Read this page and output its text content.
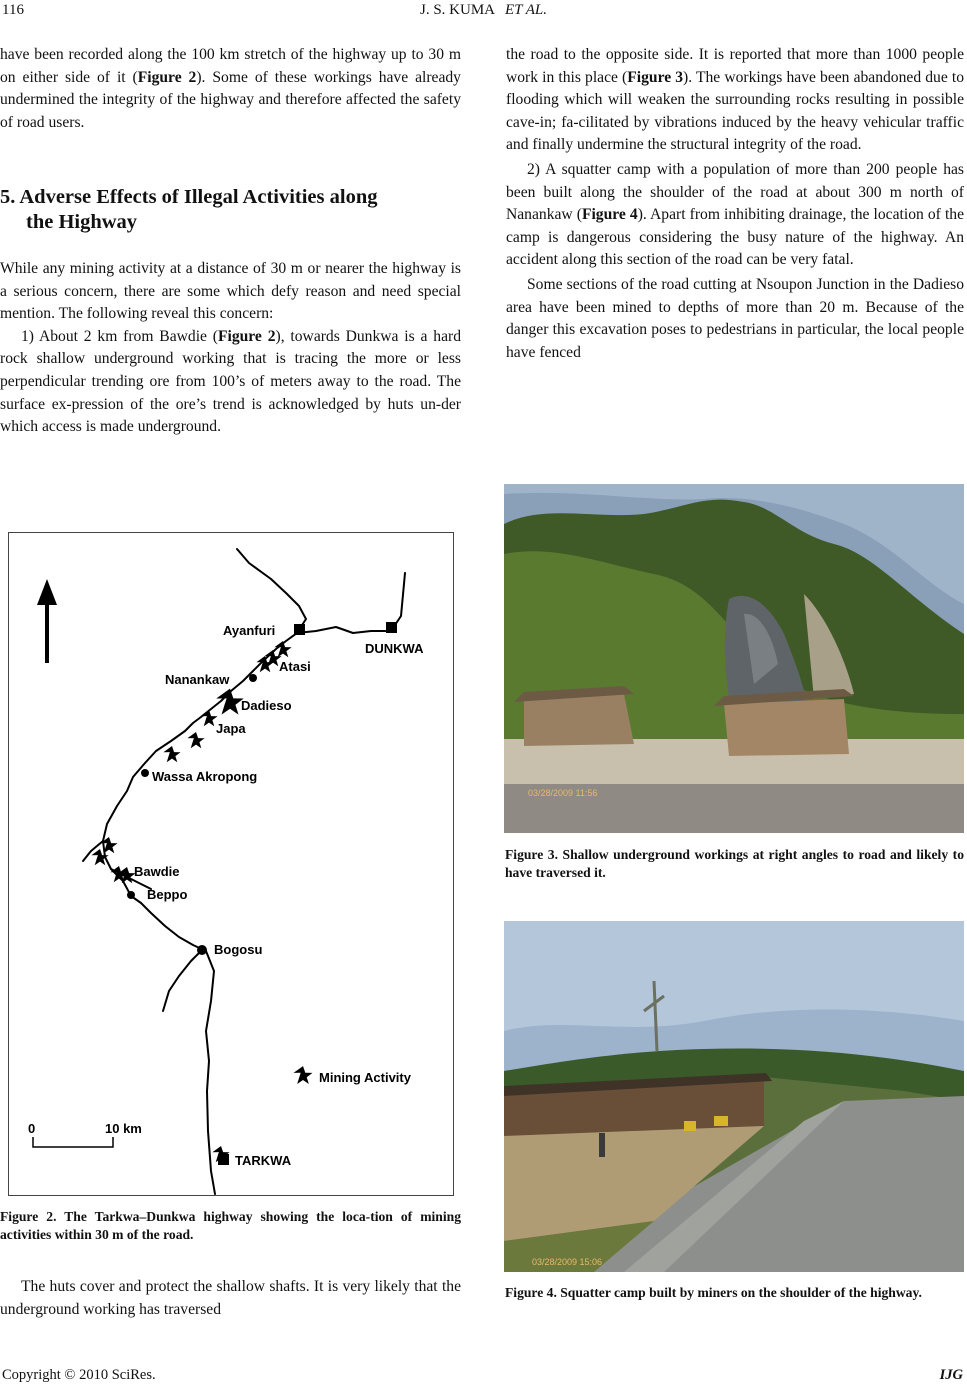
116	J. S. KUMA ET AL.

have been recorded along the 100 km stretch of the highway up to 30 m on either side of it (Figure 2). Some of these workings have already undermined the integrity of the highway and therefore affected the safety of road users.

5. Adverse Effects of Illegal Activities along
the Highway

While any mining activity at a distance of 30 m or nearer the highway is a serious concern, there are some which defy reason and need special mention. The following reveal this concern:

1) About 2 km from Bawdie (Figure 2), towards Dunkwa is a hard rock shallow underground working that is tracing the more or less perpendicular trending ore from 100’s of meters away to the road. The surface ex-pression of the ore’s trend is acknowledged by huts un-der which access is made underground.

Ayanfuri
DUNKWA
Atasi
Nanankaw
Dadieso
Japa
Wassa Akropong
Bawdie
Beppo
Bogosu
TARKWA
Mining Activity
0	10 km
Figure 2. The Tarkwa–Dunkwa highway showing the loca-tion of mining activities within 30 m of the road.

The huts cover and protect the shallow shafts. It is very likely that the underground working has traversed

the road to the opposite side. It is reported that more than 1000 people work in this place (Figure 3). The workings have been abandoned due to flooding which will weaken the surrounding rocks resulting in possible cave-in; fa-cilitated by vibrations induced by the heavy vehicular traffic and finally undermine the structural integrity of the road.

2) A squatter camp with a population of more than 200 people has been built along the shoulder of the road at about 300 m north of Nanankaw (Figure 4). Apart from inhibiting drainage, the location of the camp is dangerous considering the busy nature of the highway. An accident along this section of the road can be very fatal.

Some sections of the road cutting at Nsoupon Junction in the Dadieso area have been mined to depths of more than 20 m. Because of the danger this excavation poses to pedestrians in particular, the local people have fenced

03/28/2009 11:56
Figure 3. Shallow underground workings at right angles to road and likely to have traversed it.
03/28/2009 15:06
Figure 4. Squatter camp built by miners on the shoulder of the highway.
Copyright © 2010 SciRes.	IJG
